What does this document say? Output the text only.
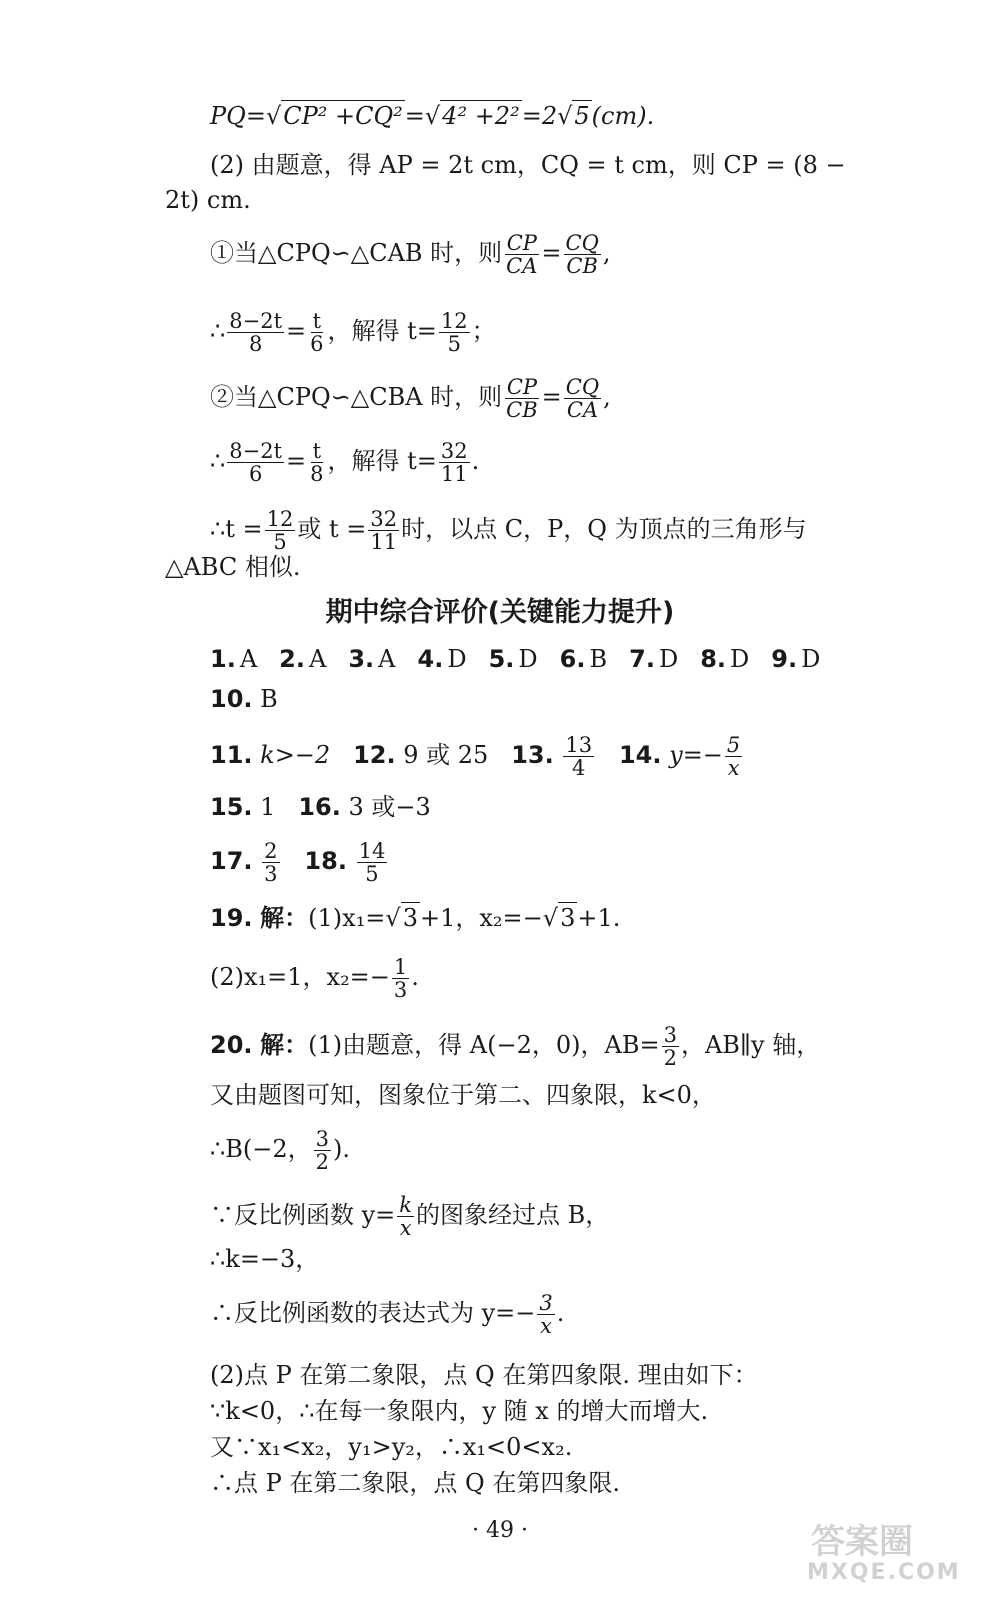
PQ=√CP² +CQ²=√4² +2²=2√5(cm).
(2) 由题意，得 AP = 2t cm，CQ = t cm，则 CP = (8 −
2t) cm.
①当△CPQ∽△CAB 时，则 $\frac{CP}{CA} = \frac{CQ}{CB}$ ,
∴ $\frac{8-2t}{8} = \frac{t}{6}$ ，解得 $t= \frac{12}{5}$ ；
②当△CPQ∽△CBA 时，则 $\frac{CP}{CB} = \frac{CQ}{CA}$ ,
∴ $\frac{8-2t}{6} = \frac{t}{8}$ ，解得 $t= \frac{32}{11}$ .
∴t = $\frac{12}{5}$ 或 $t = \frac{32}{11}$ 时，以点 C，P，Q 为顶点的三角形与
△ABC 相似.
期中综合评价(关键能力提升)
1. A 2. A 3. A 4. D 5. D 6. B 7. D 8. D 9. D
10. B
11. k>−2 12. 9 或 25 13. $\frac{13}{4} 14$. $y=- \frac{5}{x}$
15. 1 16. 3 或−3
17. $\frac{2}{3} 18$. $\frac{14}{5}$
19. 解：(1)x₁=√3+1，x₂=−√3+1.
(2)x₁=1，$x_2=- \frac{1}{3}$ .
20. 解：(1)由题意，得 A(−2，0)，$AB= \frac{3}{2}$ ，AB∥y 轴，
又由题图可知，图象位于第二、四象限，k<0，
∴B(−2， $\frac{3}{2}$ ).
∵反比例函数 $y= \frac{k}{x}$ 的图象经过点 B，
∴k=−3，
∴反比例函数的表达式为 $y=- \frac{3}{x}$ .
(2)点 P 在第二象限，点 Q 在第四象限. 理由如下：
∵k<0，∴在每一象限内，y 随 x 的增大而增大.
又∵x₁<x₂，y₁>y₂，∴x₁<0<x₂.
∴点 P 在第二象限，点 Q 在第四象限.
· 49 ·	答案圈
MXQE.COM
